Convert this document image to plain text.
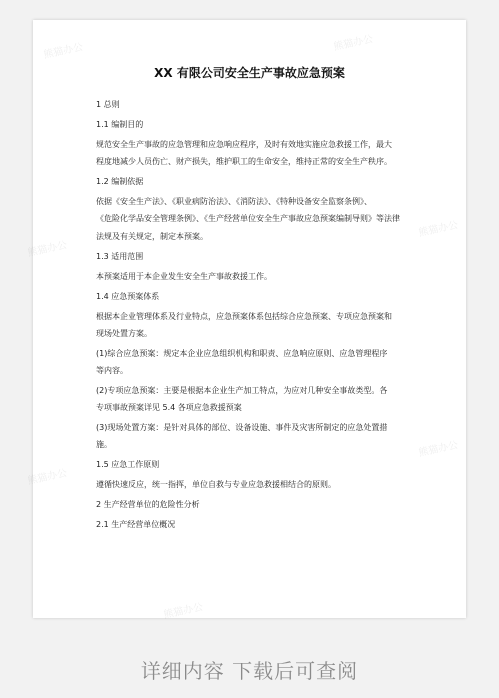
熊猫办公	熊猫办公
熊猫办公
熊猫办公
熊猫办公
熊猫办公
熊猫办公
XX 有限公司安全生产事故应急预案
1 总则
1.1 编制目的
规范安全生产事故的应急管理和应急响应程序，及时有效地实施应急救援工作，最大
程度地减少人员伤亡、财产损失，维护职工的生命安全，维持正常的安全生产秩序。
1.2 编制依据
依据《安全生产法》、《职业病防治法》、《消防法》、《特种设备安全监察条例》、
《危险化学品安全管理条例》、《生产经营单位安全生产事故应急预案编制导则》等法律
法规及有关规定，制定本预案。
1.3 适用范围
本预案适用于本企业发生安全生产事故救援工作。
1.4 应急预案体系
根据本企业管理体系及行业特点，应急预案体系包括综合应急预案、专项应急预案和
现场处置方案。
(1)综合应急预案：规定本企业应急组织机构和职责、应急响应原则、应急管理程序
等内容。
(2)专项应急预案：主要是根据本企业生产加工特点，为应对几种安全事故类型。各
专项事故预案详见 5.4 各项应急救援预案
(3)现场处置方案：是针对具体的部位、设备设施、事件及灾害所制定的应急处置措
施。
1.5 应急工作原则
遵循快速反应，统一指挥，单位自救与专业应急救援相结合的原则。
2 生产经营单位的危险性分析
2.1 生产经营单位概况
详细内容 下载后可查阅
